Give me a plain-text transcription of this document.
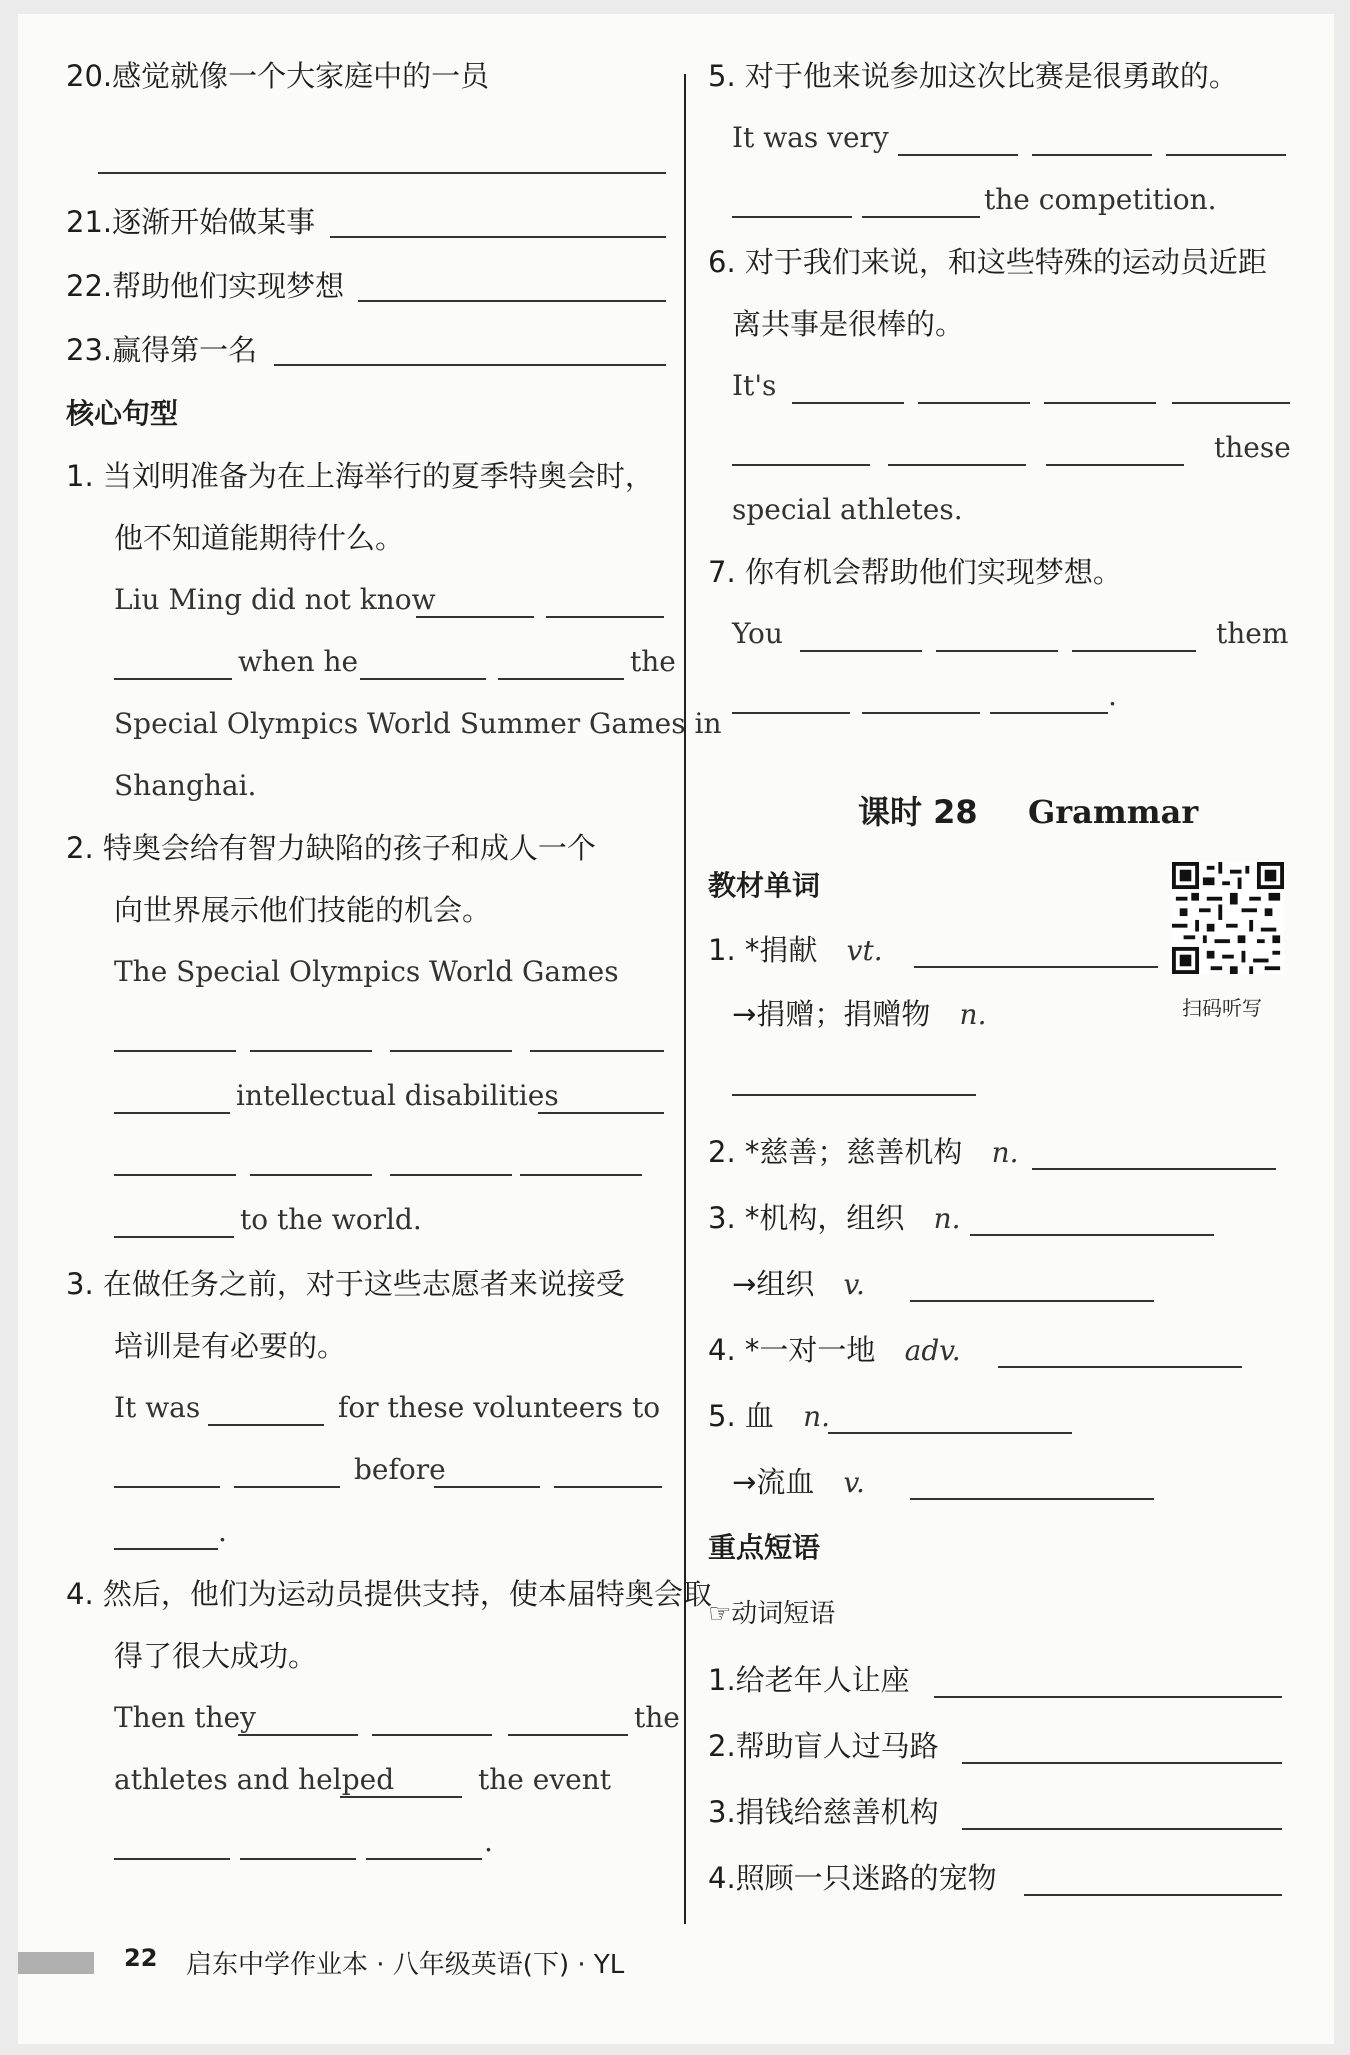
20.感觉就像一个大家庭中的一员
21.逐渐开始做某事
22.帮助他们实现梦想
23.赢得第一名
核心句型
1. 当刘明准备为在上海举行的夏季特奥会时，
他不知道能期待什么。
Liu Ming did not know
when he	the
Special Olympics World Summer Games in
Shanghai.
2. 特奥会给有智力缺陷的孩子和成人一个
向世界展示他们技能的机会。
The Special Olympics World Games
intellectual disabilities
to the world.
3. 在做任务之前，对于这些志愿者来说接受
培训是有必要的。
It was	for these volunteers to
before
.
4. 然后，他们为运动员提供支持，使本届特奥会取
得了很大成功。
Then they	the
athletes and helped	the event
.
5. 对于他来说参加这次比赛是很勇敢的。
It was very
the competition.
6. 对于我们来说，和这些特殊的运动员近距
离共事是很棒的。
It's
these
special athletes.
7. 你有机会帮助他们实现梦想。
You	them
.
课时 28 Grammar
教材单词
扫码听写
1. *捐献 vt.
→捐赠；捐赠物 n.
2. *慈善；慈善机构 n.
3. *机构，组织 n.
→组织 v.
4. *一对一地 adv.
5. 血 n.
→流血 v.
重点短语
☞动词短语
1.给老年人让座
2.帮助盲人过马路
3.捐钱给慈善机构
4.照顾一只迷路的宠物
22 启东中学作业本 · 八年级英语(下) · YL
